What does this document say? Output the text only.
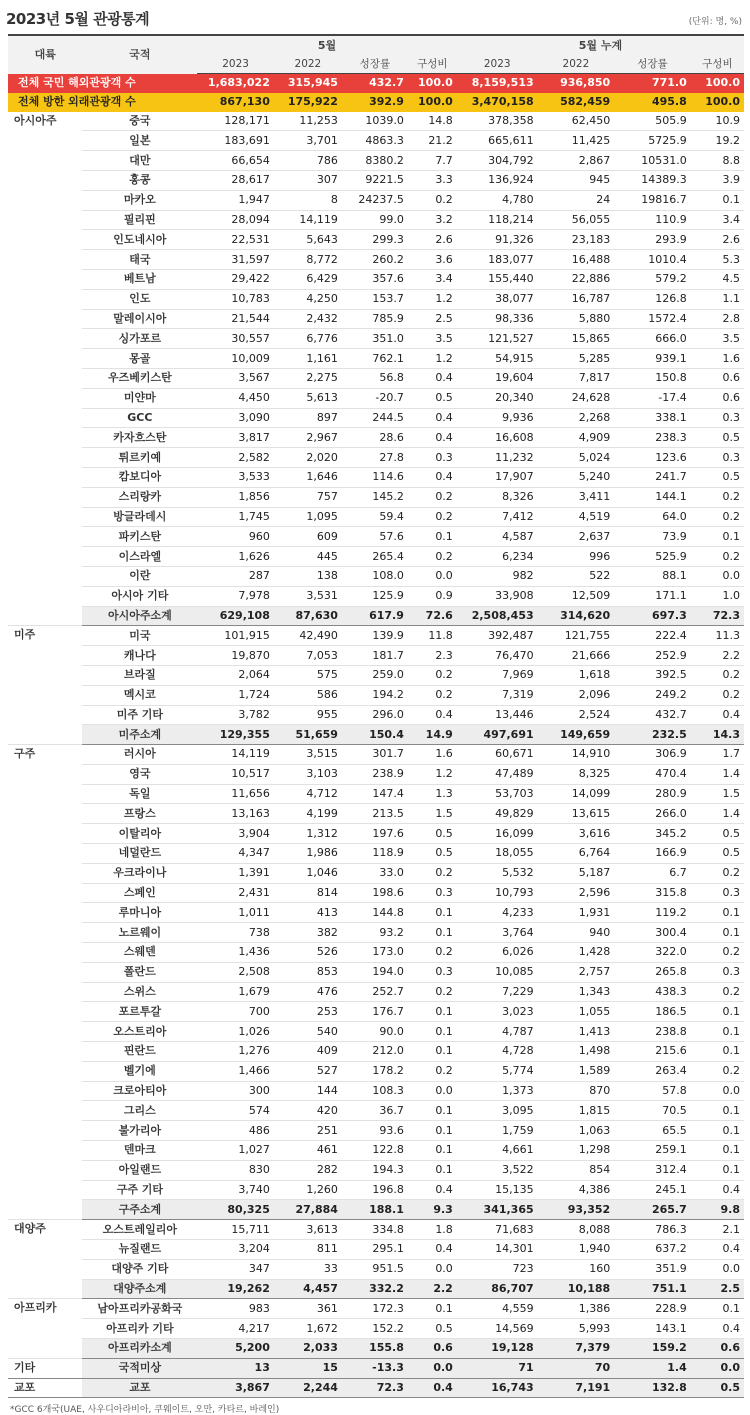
2023년 5월 관광통계	(단위: 명, %)
대륙	국적	5월				5월 누계			
		2023	2022	성장률	구성비	2023	2022	성장률	구성비
전체 국민 해외관광객 수		1,683,022	315,945	432.7	100.0	8,159,513	936,850	771.0	100.0
전체 방한 외래관광객 수		867,130	175,922	392.9	100.0	3,470,158	582,459	495.8	100.0
아시아주	중국	128,171	11,253	1039.0	14.8	378,358	62,450	505.9	10.9
	일본	183,691	3,701	4863.3	21.2	665,611	11,425	5725.9	19.2
	대만	66,654	786	8380.2	7.7	304,792	2,867	10531.0	8.8
	홍콩	28,617	307	9221.5	3.3	136,924	945	14389.3	3.9
	마카오	1,947	8	24237.5	0.2	4,780	24	19816.7	0.1
	필리핀	28,094	14,119	99.0	3.2	118,214	56,055	110.9	3.4
	인도네시아	22,531	5,643	299.3	2.6	91,326	23,183	293.9	2.6
	태국	31,597	8,772	260.2	3.6	183,077	16,488	1010.4	5.3
	베트남	29,422	6,429	357.6	3.4	155,440	22,886	579.2	4.5
	인도	10,783	4,250	153.7	1.2	38,077	16,787	126.8	1.1
	말레이시아	21,544	2,432	785.9	2.5	98,336	5,880	1572.4	2.8
	싱가포르	30,557	6,776	351.0	3.5	121,527	15,865	666.0	3.5
	몽골	10,009	1,161	762.1	1.2	54,915	5,285	939.1	1.6
	우즈베키스탄	3,567	2,275	56.8	0.4	19,604	7,817	150.8	0.6
	미얀마	4,450	5,613	-20.7	0.5	20,340	24,628	-17.4	0.6
	GCC	3,090	897	244.5	0.4	9,936	2,268	338.1	0.3
	카자흐스탄	3,817	2,967	28.6	0.4	16,608	4,909	238.3	0.5
	튀르키예	2,582	2,020	27.8	0.3	11,232	5,024	123.6	0.3
	캄보디아	3,533	1,646	114.6	0.4	17,907	5,240	241.7	0.5
	스리랑카	1,856	757	145.2	0.2	8,326	3,411	144.1	0.2
	방글라데시	1,745	1,095	59.4	0.2	7,412	4,519	64.0	0.2
	파키스탄	960	609	57.6	0.1	4,587	2,637	73.9	0.1
	이스라엘	1,626	445	265.4	0.2	6,234	996	525.9	0.2
	이란	287	138	108.0	0.0	982	522	88.1	0.0
	아시아 기타	7,978	3,531	125.9	0.9	33,908	12,509	171.1	1.0
	아시아주소계	629,108	87,630	617.9	72.6	2,508,453	314,620	697.3	72.3
미주	미국	101,915	42,490	139.9	11.8	392,487	121,755	222.4	11.3
	캐나다	19,870	7,053	181.7	2.3	76,470	21,666	252.9	2.2
	브라질	2,064	575	259.0	0.2	7,969	1,618	392.5	0.2
	멕시코	1,724	586	194.2	0.2	7,319	2,096	249.2	0.2
	미주 기타	3,782	955	296.0	0.4	13,446	2,524	432.7	0.4
	미주소계	129,355	51,659	150.4	14.9	497,691	149,659	232.5	14.3
구주	러시아	14,119	3,515	301.7	1.6	60,671	14,910	306.9	1.7
	영국	10,517	3,103	238.9	1.2	47,489	8,325	470.4	1.4
	독일	11,656	4,712	147.4	1.3	53,703	14,099	280.9	1.5
	프랑스	13,163	4,199	213.5	1.5	49,829	13,615	266.0	1.4
	이탈리아	3,904	1,312	197.6	0.5	16,099	3,616	345.2	0.5
	네덜란드	4,347	1,986	118.9	0.5	18,055	6,764	166.9	0.5
	우크라이나	1,391	1,046	33.0	0.2	5,532	5,187	6.7	0.2
	스페인	2,431	814	198.6	0.3	10,793	2,596	315.8	0.3
	루마니아	1,011	413	144.8	0.1	4,233	1,931	119.2	0.1
	노르웨이	738	382	93.2	0.1	3,764	940	300.4	0.1
	스웨덴	1,436	526	173.0	0.2	6,026	1,428	322.0	0.2
	폴란드	2,508	853	194.0	0.3	10,085	2,757	265.8	0.3
	스위스	1,679	476	252.7	0.2	7,229	1,343	438.3	0.2
	포르투갈	700	253	176.7	0.1	3,023	1,055	186.5	0.1
	오스트리아	1,026	540	90.0	0.1	4,787	1,413	238.8	0.1
	핀란드	1,276	409	212.0	0.1	4,728	1,498	215.6	0.1
	벨기에	1,466	527	178.2	0.2	5,774	1,589	263.4	0.2
	크로아티아	300	144	108.3	0.0	1,373	870	57.8	0.0
	그리스	574	420	36.7	0.1	3,095	1,815	70.5	0.1
	불가리아	486	251	93.6	0.1	1,759	1,063	65.5	0.1
	덴마크	1,027	461	122.8	0.1	4,661	1,298	259.1	0.1
	아일랜드	830	282	194.3	0.1	3,522	854	312.4	0.1
	구주 기타	3,740	1,260	196.8	0.4	15,135	4,386	245.1	0.4
	구주소계	80,325	27,884	188.1	9.3	341,365	93,352	265.7	9.8
대양주	오스트레일리아	15,711	3,613	334.8	1.8	71,683	8,088	786.3	2.1
	뉴질랜드	3,204	811	295.1	0.4	14,301	1,940	637.2	0.4
	대양주 기타	347	33	951.5	0.0	723	160	351.9	0.0
	대양주소계	19,262	4,457	332.2	2.2	86,707	10,188	751.1	2.5
아프리카	남아프리카공화국	983	361	172.3	0.1	4,559	1,386	228.9	0.1
	아프리카 기타	4,217	1,672	152.2	0.5	14,569	5,993	143.1	0.4
	아프리카소계	5,200	2,033	155.8	0.6	19,128	7,379	159.2	0.6
기타	국적미상	13	15	-13.3	0.0	71	70	1.4	0.0
교포	교포	3,867	2,244	72.3	0.4	16,743	7,191	132.8	0.5
*GCC 6개국(UAE, 사우디아라비아, 쿠웨이트, 오만, 카타르, 바레인)
